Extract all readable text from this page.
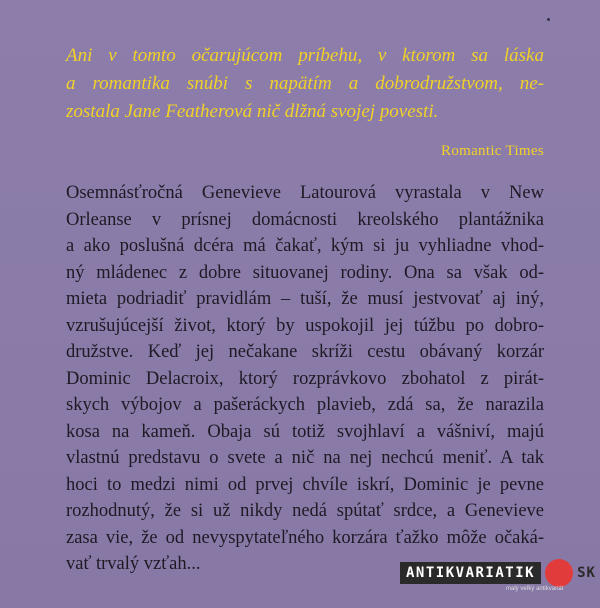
Ani v tomto očarujúcom príbehu, v ktorom sa láska
a romantika snúbi s napätím a dobrodružstvom, ne-
zostala Jane Featherová nič dlžná svojej povesti.
Romantic Times
Osemnásťročná Genevieve Latourová vyrastala v New
Orleanse v prísnej domácnosti kreolského plantážnika
a ako poslušná dcéra má čakať, kým si ju vyhliadne vhod-
ný mládenec z dobre situovanej rodiny. Ona sa však od-
mieta podriadiť pravidlám – tuší, že musí jestvovať aj iný,
vzrušujúcejší život, ktorý by uspokojil jej túžbu po dobro-
družstve. Keď jej nečakane skríži cestu obávaný korzár
Dominic Delacroix, ktorý rozprávkovo zbohatol z pirát-
skych výbojov a pašeráckych plavieb, zdá sa, že narazila
kosa na kameň. Obaja sú totiž svojhlaví a vášniví, majú
vlastnú predstavu o svete a nič na nej nechcú meniť. A tak
hoci to medzi nimi od prvej chvíle iskrí, Dominic je pevne
rozhodnutý, že si už nikdy nedá spútať srdce, a Genevieve
zasa vie, že od nevyspytateľného korzára ťažko môže očaká-
vať trvalý vzťah...	ANTIKVARIATIK	SK
malý veľký antikvariát
